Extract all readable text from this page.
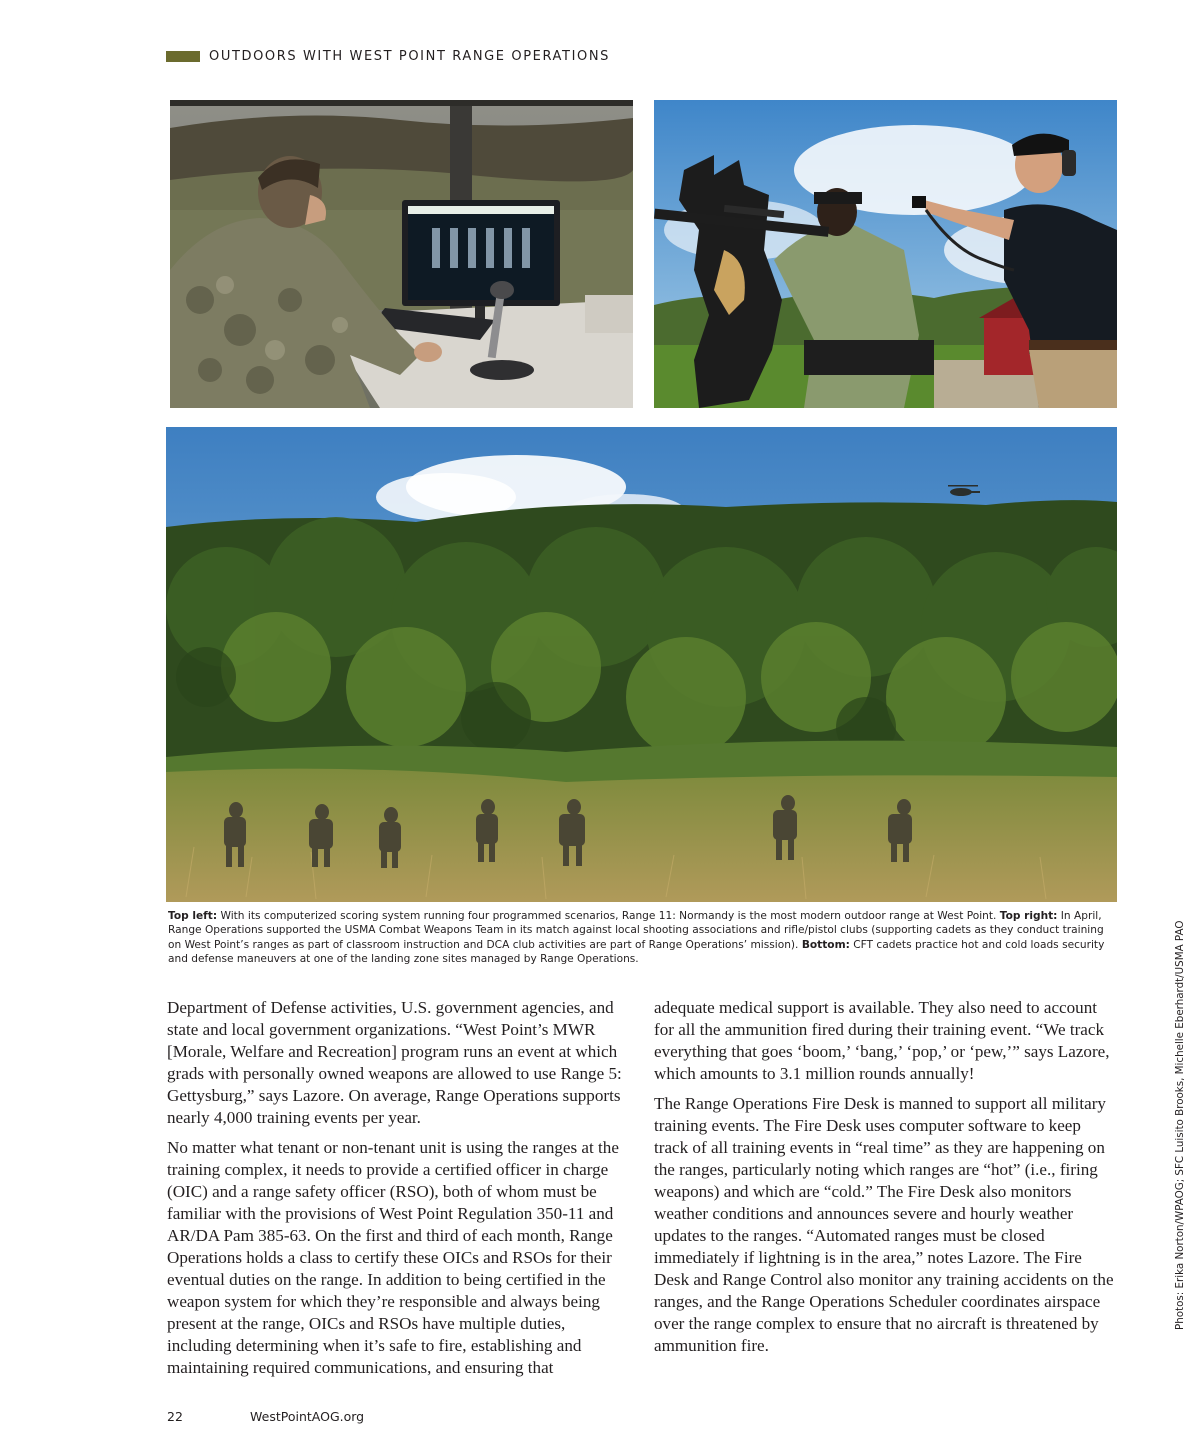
OUTDOORS WITH WEST POINT RANGE OPERATIONS
Top left: With its computerized scoring system running four programmed scenarios, Range 11: Normandy is the most modern outdoor range at West Point. Top right: In April, Range Operations supported the USMA Combat Weapons Team in its match against local shooting associations and rifle/pistol clubs (supporting cadets as they conduct training on West Point’s ranges as part of classroom instruction and DCA club activities are part of Range Operations’ mission). Bottom: CFT cadets practice hot and cold loads security and defense maneuvers at one of the landing zone sites managed by Range Operations.

Department of Defense activities, U.S. government agencies, and state and local government organizations. “West Point’s MWR [Morale, Welfare and Recreation] program runs an event at which grads with personally owned weapons are allowed to use Range 5: Gettysburg,” says Lazore. On average, Range Operations supports nearly 4,000 training events per year.

No matter what tenant or non-tenant unit is using the ranges at the training complex, it needs to provide a certified officer in charge (OIC) and a range safety officer (RSO), both of whom must be familiar with the provisions of West Point Regulation 350-11 and AR/DA Pam 385-63. On the first and third of each month, Range Operations holds a class to certify these OICs and RSOs for their eventual duties on the range. In addition to being certified in the weapon system for which they’re responsible and always being present at the range, OICs and RSOs have multiple duties, including determining when it’s safe to fire, establishing and maintaining required communications, and ensuring that

adequate medical support is available. They also need to account for all the ammunition fired during their training event. “We track everything that goes ‘boom,’ ‘bang,’ ‘pop,’ or ‘pew,’” says Lazore, which amounts to 3.1 million rounds annually!

The Range Operations Fire Desk is manned to support all military training events. The Fire Desk uses computer software to keep track of all training events in “real time” as they are happening on the ranges, particularly noting which ranges are “hot” (i.e., firing weapons) and which are “cold.” The Fire Desk also monitors weather conditions and announces severe and hourly weather updates to the ranges. “Automated ranges must be closed immediately if lightning is in the area,” notes Lazore. The Fire Desk and Range Control also monitor any training accidents on the ranges, and the Range Operations Scheduler coordinates airspace over the range complex to ensure that no aircraft is threatened by ammunition fire.

Photos: Erika Norton/WPAOG; SFC Luisito Brooks, Michelle Eberhardt/USMA PAO
22	WestPointAOG.org
